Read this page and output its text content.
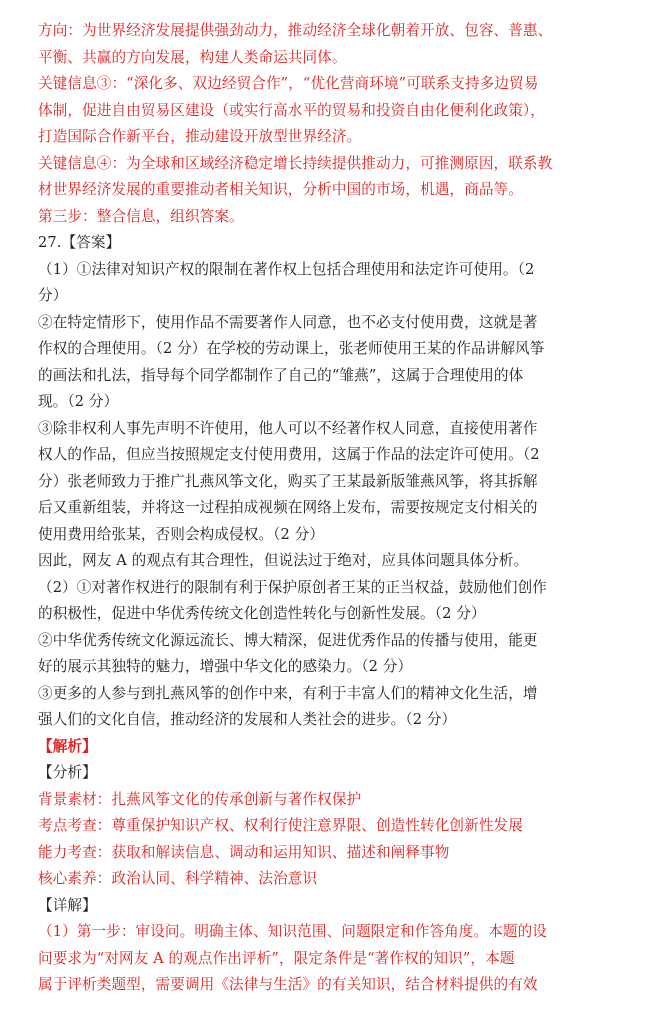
方向：为世界经济发展提供强劲动力，推动经济全球化朝着开放、包容、普惠、
平衡、共赢的方向发展，构建人类命运共同体。
关键信息③：“深化多、双边经贸合作”，“优化营商环境”可联系支持多边贸易
体制，促进自由贸易区建设（或实行高水平的贸易和投资自由化便利化政策），
打造国际合作新平台，推动建设开放型世界经济。
关键信息④：为全球和区域经济稳定增长持续提供推动力，可推测原因，联系教
材世界经济发展的重要推动者相关知识，分析中国的市场，机遇，商品等。
第三步：整合信息，组织答案。
27.【答案】
（1）①法律对知识产权的限制在著作权上包括合理使用和法定许可使用。（2
分）
②在特定情形下，使用作品不需要著作人同意，也不必支付使用费，这就是著
作权的合理使用。（2 分）在学校的劳动课上，张老师使用王某的作品讲解风筝
的画法和扎法，指导每个同学都制作了自己的“雏燕”，这属于合理使用的体
现。（2 分）
③除非权利人事先声明不许使用，他人可以不经著作权人同意，直接使用著作
权人的作品，但应当按照规定支付使用费用，这属于作品的法定许可使用。（2
分）张老师致力于推广扎燕风筝文化，购买了王某最新版雏燕风筝，将其拆解
后又重新组装，并将这一过程拍成视频在网络上发布，需要按规定支付相关的
使用费用给张某，否则会构成侵权。（2 分）
因此，网友 A 的观点有其合理性，但说法过于绝对，应具体问题具体分析。
（2）①对著作权进行的限制有利于保护原创者王某的正当权益，鼓励他们创作
的积极性，促进中华优秀传统文化创造性转化与创新性发展。（2 分）
②中华优秀传统文化源远流长、博大精深，促进优秀作品的传播与使用，能更
好的展示其独特的魅力，增强中华文化的感染力。（2 分）
③更多的人参与到扎燕风筝的创作中来，有利于丰富人们的精神文化生活，增
强人们的文化自信，推动经济的发展和人类社会的进步。（2 分）
【解析】
【分析】
背景素材：扎燕风筝文化的传承创新与著作权保护
考点考查：尊重保护知识产权、权利行使注意界限、创造性转化创新性发展
能力考查：获取和解读信息、调动和运用知识、描述和阐释事物
核心素养：政治认同、科学精神、法治意识
【详解】
（1）第一步：审设问。明确主体、知识范围、问题限定和作答角度。本题的设
问要求为“对网友 A 的观点作出评析”，限定条件是“著作权的知识”，本题
属于评析类题型，需要调用《法律与生活》的有关知识，结合材料提供的有效
